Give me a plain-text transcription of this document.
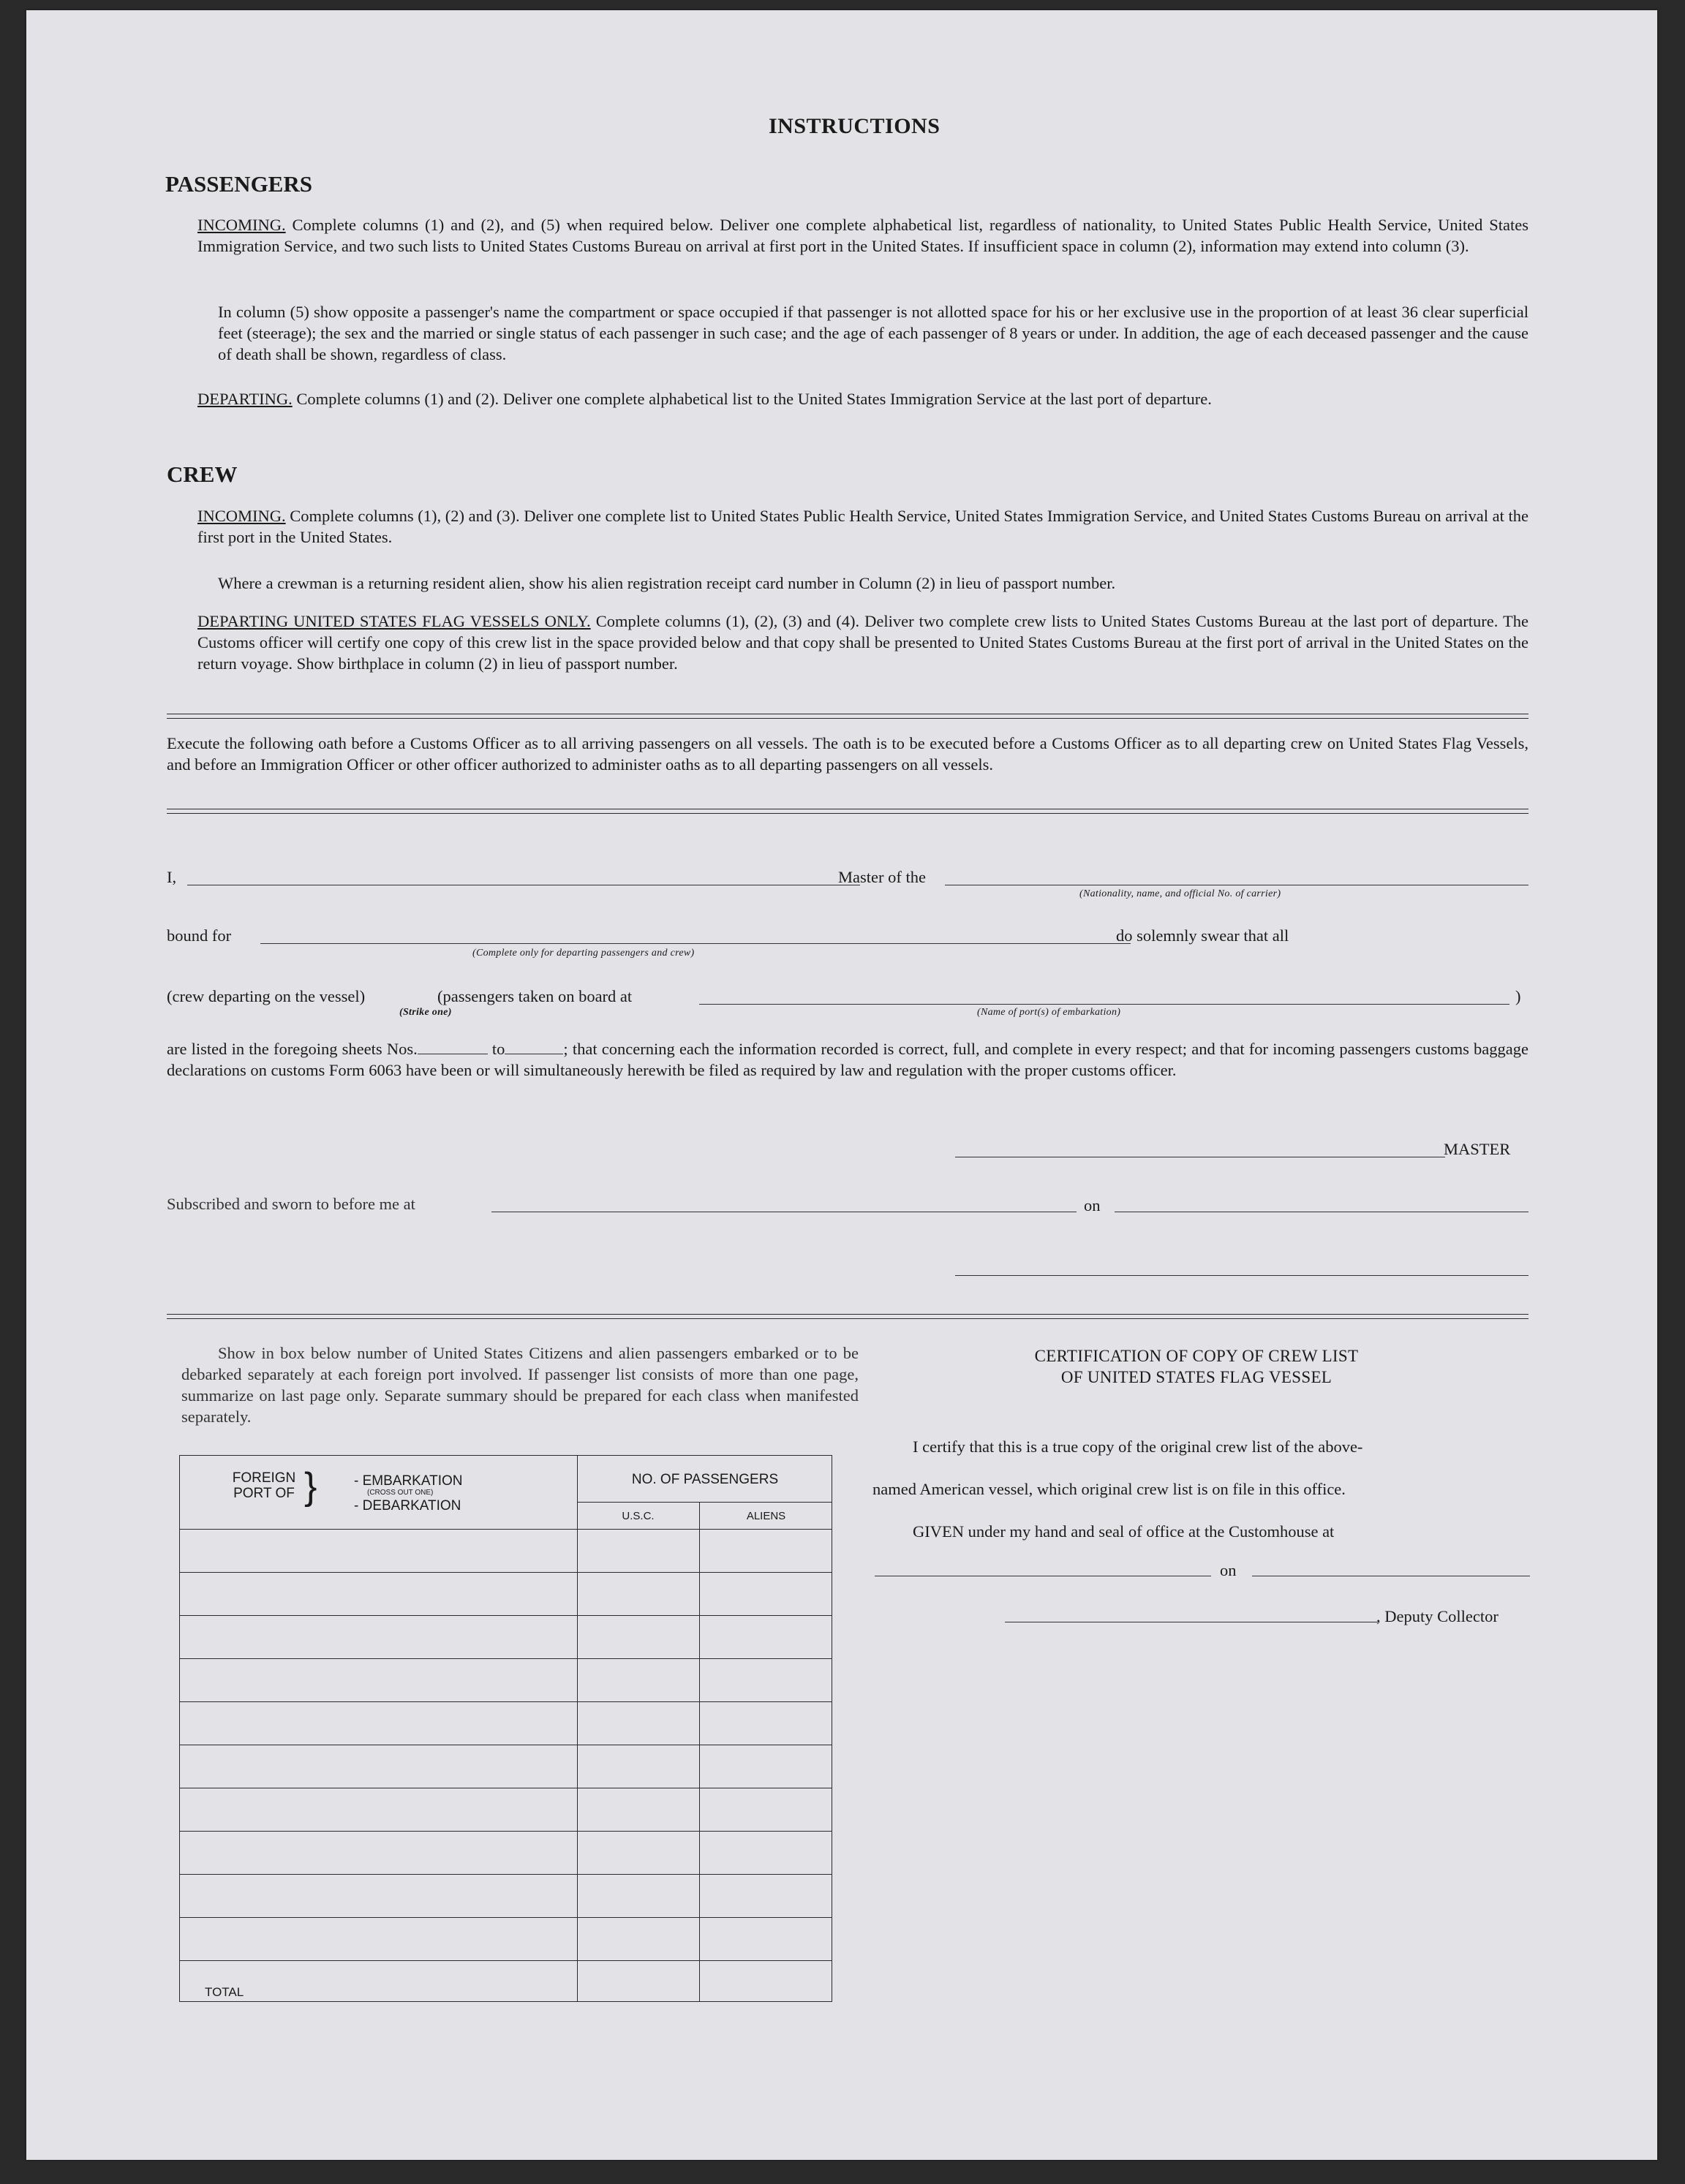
INSTRUCTIONS
PASSENGERS
INCOMING. Complete columns (1) and (2), and (5) when required below. Deliver one complete alphabetical list, regardless of nationality, to United States Public Health Service, United States Immigration Service, and two such lists to United States Customs Bureau on arrival at first port in the United States. If insufficient space in column (2), information may extend into column (3).
In column (5) show opposite a passenger's name the compartment or space occupied if that passenger is not allotted space for his or her exclusive use in the proportion of at least 36 clear superficial feet (steerage); the sex and the married or single status of each passenger in such case; and the age of each passenger of 8 years or under. In addition, the age of each deceased passenger and the cause of death shall be shown, regardless of class.
DEPARTING. Complete columns (1) and (2). Deliver one complete alphabetical list to the United States Immigration Service at the last port of departure.
CREW
INCOMING. Complete columns (1), (2) and (3). Deliver one complete list to United States Public Health Service, United States Immigration Service, and United States Customs Bureau on arrival at the first port in the United States.
Where a crewman is a returning resident alien, show his alien registration receipt card number in Column (2) in lieu of passport number.
DEPARTING UNITED STATES FLAG VESSELS ONLY. Complete columns (1), (2), (3) and (4). Deliver two complete crew lists to United States Customs Bureau at the last port of departure. The Customs officer will certify one copy of this crew list in the space provided below and that copy shall be presented to United States Customs Bureau at the first port of arrival in the United States on the return voyage. Show birthplace in column (2) in lieu of passport number.
Execute the following oath before a Customs Officer as to all arriving passengers on all vessels. The oath is to be executed before a Customs Officer as to all departing crew on United States Flag Vessels, and before an Immigration Officer or other officer authorized to administer oaths as to all departing passengers on all vessels.
I,	Master of the
(Nationality, name, and official No. of carrier)
bound for
(Complete only for departing passengers and crew)
do solemnly swear that all
(crew departing on the vessel)	(passengers taken on board at
(Strike one)	(Name of port(s) of embarkation)
)
are listed in the foregoing sheets Nos.	to	; that concerning each the information recorded is correct, full, and complete in every respect; and that for incoming passengers customs baggage declarations on customs Form 6063 have been or will simultaneously herewith be filed as required by law and regulation with the proper customs officer.
MASTER
Subscribed and sworn to before me at	on
Show in box below number of United States Citizens and alien passengers embarked or to be debarked separately at each foreign port involved. If passenger list consists of more than one page, summarize on last page only. Separate summary should be prepared for each class when manifested separately.
FOREIGN PORT OF }	- EMBARKATION
(CROSS OUT ONE)
- DEBARKATION
NO. OF PASSENGERS
U.S.C.	ALIENS
TOTAL
CERTIFICATION OF COPY OF CREW LIST
OF UNITED STATES FLAG VESSEL
I certify that this is a true copy of the original crew list of the above-
named American vessel, which original crew list is on file in this office.
GIVEN under my hand and seal of office at the Customhouse at
on
, Deputy Collector
